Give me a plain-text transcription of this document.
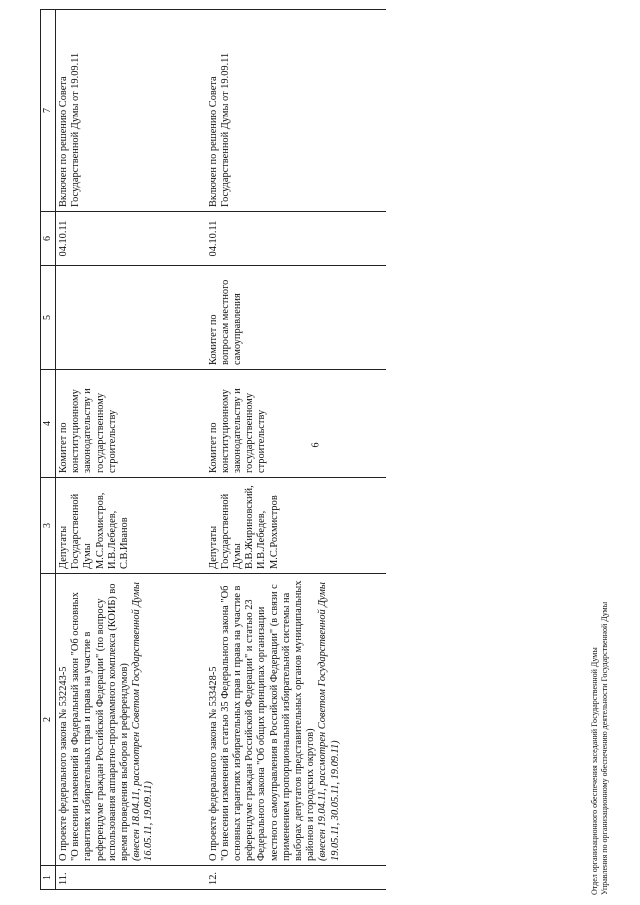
6
1	2	3	4	5	6	7
11.	О проекте федерального закона № 532243-5 "О внесении изменений в Федеральный закон "Об основных гарантиях избирательных прав и права на участие в референдуме граждан Российской Федерации" (по вопросу использования аппаратно-программного комплекса (КОИБ) во время проведения выборов и референдумов) (внесен 18.04.11, рассмотрен Советом Государственной Думы 16.05.11, 19.09.11)	Депутаты Государственной Думы М.С.Рохмистров, И.В.Лебедев, С.В.Иванов	Комитет по конституционному законодательству и государственному строительству		04.10.11	Включен по решению Совета Государственной Думы от 19.09.11
12.	О проекте федерального закона № 533428-5 "О внесении изменений в статью 35 Федерального закона "Об основных гарантиях избирательных прав и права на участие в референдуме граждан Российской Федерации" и статью 23 Федерального закона "Об общих принципах организации местного самоуправления в Российской Федерации" (в связи с применением пропорциональной избирательной системы на выборах депутатов представительных органов муниципальных районов и городских округов) (внесен 19.04.11, рассмотрен Советом Государственной Думы 19.05.11, 30.05.11, 19.09.11)	Депутаты Государственной Думы В.В.Жириновский, И.В.Лебедев, М.С.Рохмистров	Комитет по конституционному законодательству и государственному строительству	Комитет по вопросам местного самоуправления	04.10.11	Включен по решению Совета Государственной Думы от 19.09.11
Отдел организационного обеспечения заседаний Государственной Думы Управления по организационному обеспечению деятельности Государственной Думы
